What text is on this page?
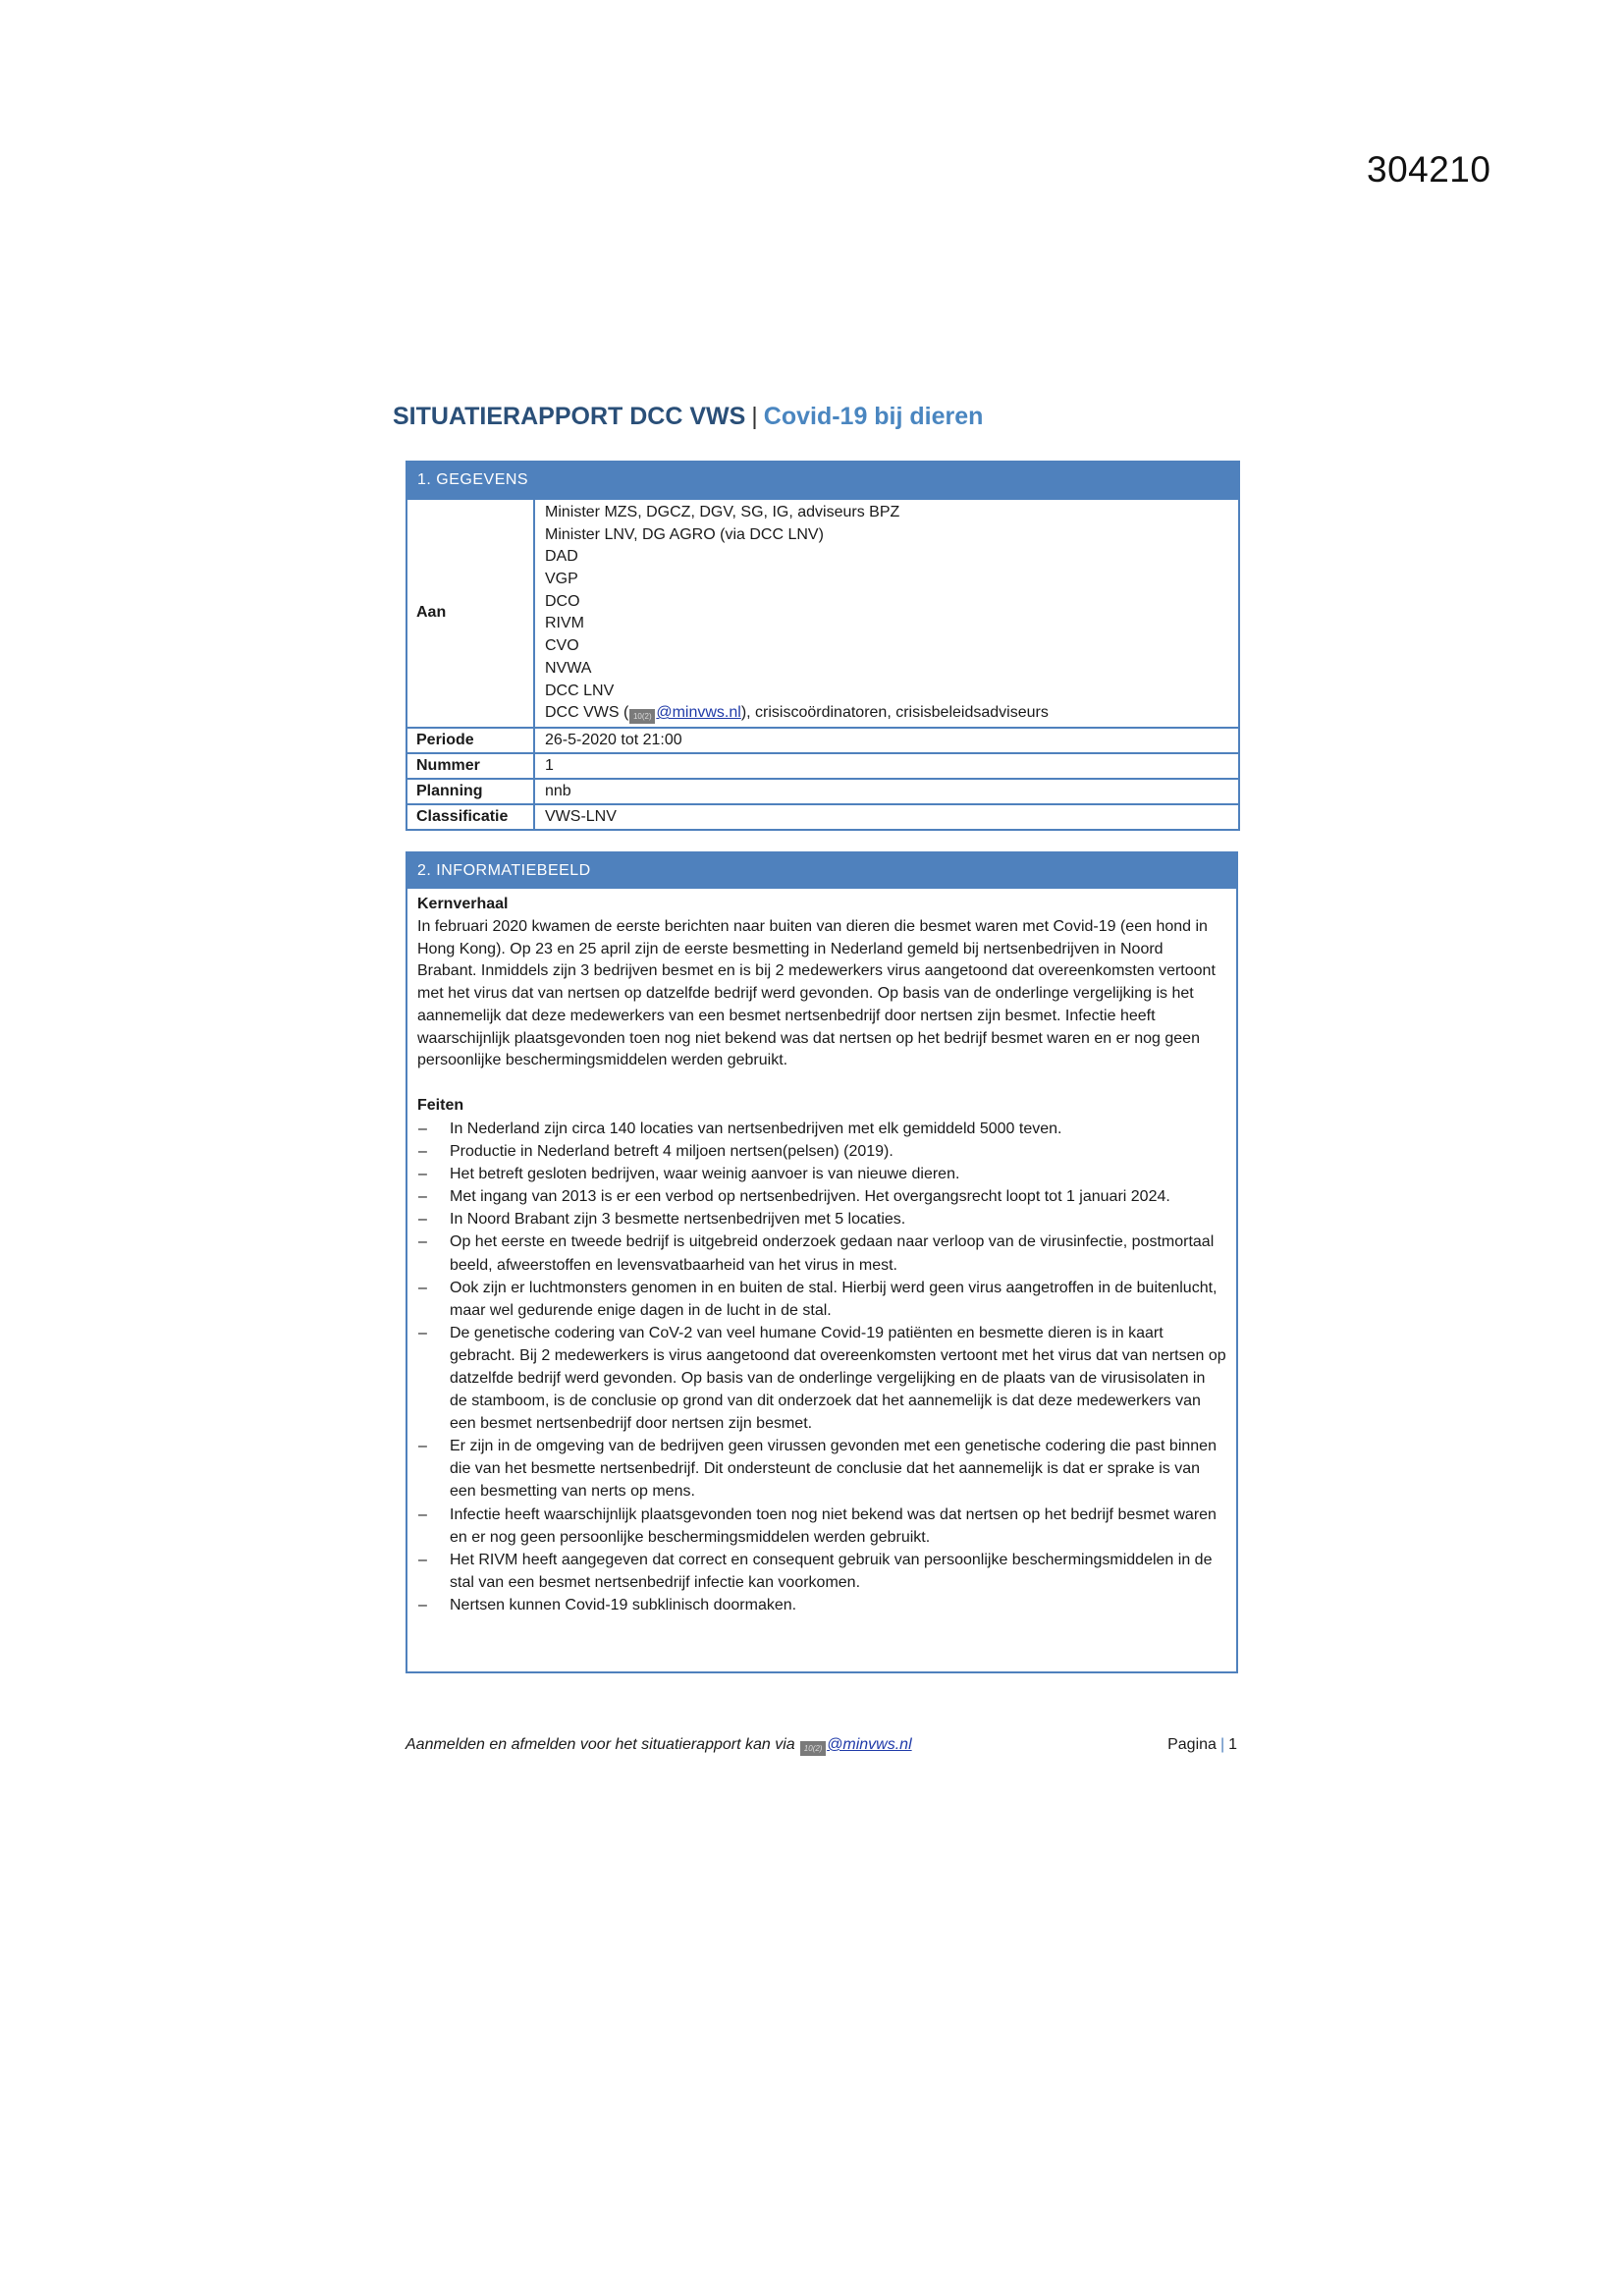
304210
SITUATIERAPPORT DCC VWS | Covid-19 bij dieren
1. GEGEVENS
Aan
Minister MZS, DGCZ, DGV, SG, IG, adviseurs BPZ
Minister LNV, DG AGRO (via DCC LNV)
DAD
VGP
DCO
RIVM
CVO
NVWA
DCC LNV
DCC VWS ( 10(2) @minvws.nl), crisiscoördinatoren, crisisbeleidsadviseurs
Periode	26-5-2020 tot 21:00
Nummer	1
Planning	nnb
Classificatie	VWS-LNV
2. INFORMATIEBEELD
Kernverhaal

In februari 2020 kwamen de eerste berichten naar buiten van dieren die besmet waren met Covid-19 (een hond in Hong Kong). Op 23 en 25 april zijn de eerste besmetting in Nederland gemeld bij nertsenbedrijven in Noord Brabant. Inmiddels zijn 3 bedrijven besmet en is bij 2 medewerkers virus aangetoond dat overeenkomsten vertoont met het virus dat van nertsen op datzelfde bedrijf werd gevonden. Op basis van de onderlinge vergelijking is het aannemelijk dat deze medewerkers van een besmet nertsenbedrijf door nertsen zijn besmet. Infectie heeft waarschijnlijk plaatsgevonden toen nog niet bekend was dat nertsen op het bedrijf besmet waren en er nog geen persoonlijke beschermingsmiddelen werden gebruikt.

Feiten
– In Nederland zijn circa 140 locaties van nertsenbedrijven met elk gemiddeld 5000 teven.
– Productie in Nederland betreft 4 miljoen nertsen(pelsen) (2019).
– Het betreft gesloten bedrijven, waar weinig aanvoer is van nieuwe dieren.
– Met ingang van 2013 is er een verbod op nertsenbedrijven. Het overgangsrecht loopt tot 1 januari 2024.
– In Noord Brabant zijn 3 besmette nertsenbedrijven met 5 locaties.
– Op het eerste en tweede bedrijf is uitgebreid onderzoek gedaan naar verloop van de virusinfectie, postmortaal beeld, afweerstoffen en levensvatbaarheid van het virus in mest.
– Ook zijn er luchtmonsters genomen in en buiten de stal. Hierbij werd geen virus aangetroffen in de buitenlucht, maar wel gedurende enige dagen in de lucht in de stal.
– De genetische codering van CoV-2 van veel humane Covid-19 patiënten en besmette dieren is in kaart gebracht. Bij 2 medewerkers is virus aangetoond dat overeenkomsten vertoont met het virus dat van nertsen op datzelfde bedrijf werd gevonden. Op basis van de onderlinge vergelijking en de plaats van de virusisolaten in de stamboom, is de conclusie op grond van dit onderzoek dat het aannemelijk is dat deze medewerkers van een besmet nertsenbedrijf door nertsen zijn besmet.
– Er zijn in de omgeving van de bedrijven geen virussen gevonden met een genetische codering die past binnen die van het besmette nertsenbedrijf. Dit ondersteunt de conclusie dat het aannemelijk is dat er sprake is van een besmetting van nerts op mens.
– Infectie heeft waarschijnlijk plaatsgevonden toen nog niet bekend was dat nertsen op het bedrijf besmet waren en er nog geen persoonlijke beschermingsmiddelen werden gebruikt.
– Het RIVM heeft aangegeven dat correct en consequent gebruik van persoonlijke beschermingsmiddelen in de stal van een besmet nertsenbedrijf infectie kan voorkomen.
– Nertsen kunnen Covid-19 subklinisch doormaken.
Aanmelden en afmelden voor het situatierapport kan via 10(2) @minvws.nl	Pagina | 1
